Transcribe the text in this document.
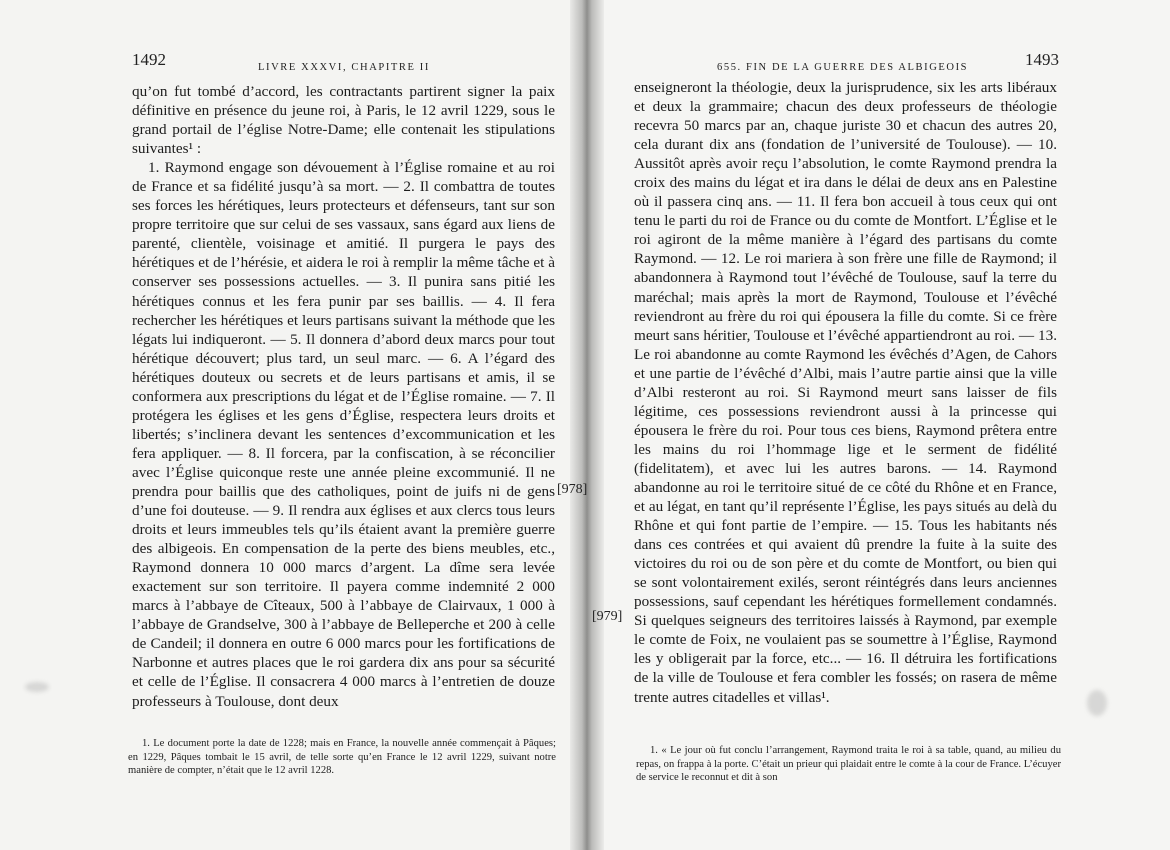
1492	LIVRE XXXVI, CHAPITRE II

qu’on fut tombé d’accord, les contractants partirent signer la paix définitive en présence du jeune roi, à Paris, le 12 avril 1229, sous le grand portail de l’église Notre-Dame; elle contenait les stipulations suivantes¹ :

1. Raymond engage son dévouement à l’Église romaine et au roi de France et sa fidélité jusqu’à sa mort. — 2. Il combattra de toutes ses forces les hérétiques, leurs protecteurs et défenseurs, tant sur son propre territoire que sur celui de ses vassaux, sans égard aux liens de parenté, clientèle, voisinage et amitié. Il purgera le pays des hérétiques et de l’hérésie, et aidera le roi à remplir la même tâche et à conserver ses possessions actuelles. — 3. Il punira sans pitié les hérétiques connus et les fera punir par ses baillis. — 4. Il fera rechercher les hérétiques et leurs partisans suivant la méthode que les légats lui indiqueront. — 5. Il donnera d’abord deux marcs pour tout hérétique découvert; plus tard, un seul marc. — 6. A l’égard des hérétiques douteux ou secrets et de leurs partisans et amis, il se conformera aux prescriptions du légat et de l’Église romaine. — 7. Il protégera les églises et les gens d’Église, respectera leurs droits et libertés; s’inclinera devant les sentences d’excommunication et les fera appliquer. — 8. Il forcera, par la confiscation, à se réconcilier avec l’Église quiconque reste une année pleine excommunié. Il ne prendra pour baillis que des catholiques, point de juifs ni de gens d’une foi douteuse. — 9. Il rendra aux églises et aux clercs tous leurs droits et leurs immeubles tels qu’ils étaient avant la première guerre des albigeois. En compensation de la perte des biens meubles, etc., Raymond donnera 10 000 marcs d’argent. La dîme sera levée exactement sur son territoire. Il payera comme indemnité 2 000 marcs à l’abbaye de Cîteaux, 500 à l’abbaye de Clairvaux, 1 000 à l’abbaye de Grandselve, 300 à l’abbaye de Belleperche et 200 à celle de Candeil; il donnera en outre 6 000 marcs pour les fortifications de Narbonne et autres places que le roi gardera dix ans pour sa sécurité et celle de l’Église. Il consacrera 4 000 marcs à l’entretien de douze professeurs à Toulouse, dont deux

1. Le document porte la date de 1228; mais en France, la nouvelle année commençait à Pâques; en 1229, Pâques tombait le 15 avril, de telle sorte qu’en France le 12 avril 1229, suivant notre manière de compter, n’était que le 12 avril 1228.

655. FIN DE LA GUERRE DES ALBIGEOIS	1493

enseigneront la théologie, deux la jurisprudence, six les arts libéraux et deux la grammaire; chacun des deux professeurs de théologie recevra 50 marcs par an, chaque juriste 30 et chacun des autres 20, cela durant dix ans (fondation de l’université de Toulouse). — 10. Aussitôt après avoir reçu l’absolution, le comte Raymond prendra la croix des mains du légat et ira dans le délai de deux ans en Palestine où il passera cinq ans. — 11. Il fera bon accueil à tous ceux qui ont tenu le parti du roi de France ou du comte de Montfort. L’Église et le roi agiront de la même manière à l’égard des partisans du comte Raymond. — 12. Le roi mariera à son frère une fille de Raymond; il abandonnera à Raymond tout l’évêché de Toulouse, sauf la terre du maréchal; mais après la mort de Raymond, Toulouse et l’évêché reviendront au frère du roi qui épousera la fille du comte. Si ce frère meurt sans héritier, Toulouse et l’évêché appartiendront au roi. — 13. Le roi abandonne au comte Raymond les évêchés d’Agen, de Cahors et une partie de l’évêché d’Albi, mais l’autre partie ainsi que la ville d’Albi resteront au roi. Si Raymond meurt sans laisser de fils légitime, ces possessions reviendront aussi à la princesse qui épousera le frère du roi. Pour tous ces biens, Raymond prêtera entre les mains du roi l’hommage lige et le serment de fidélité (fidelitatem), et avec lui les autres barons. — 14. Raymond abandonne au roi le territoire situé de ce côté du Rhône et en France, et au légat, en tant qu’il représente l’Église, les pays situés au delà du Rhône et qui font partie de l’empire. — 15. Tous les habitants nés dans ces contrées et qui avaient dû prendre la fuite à la suite des victoires du roi ou de son père et du comte de Montfort, ou bien qui se sont volontairement exilés, seront réintégrés dans leurs anciennes possessions, sauf cependant les hérétiques formellement condamnés. Si quelques seigneurs des territoires laissés à Raymond, par exemple le comte de Foix, ne voulaient pas se soumettre à l’Église, Raymond les y obligerait par la force, etc... — 16. Il détruira les fortifications de la ville de Toulouse et fera combler les fossés; on rasera de même trente autres citadelles et villas¹.

1. « Le jour où fut conclu l’arrangement, Raymond traita le roi à sa table, quand, au milieu du repas, on frappa à la porte. C’était un prieur qui plaidait entre le comte à la cour de France. L’écuyer de service le reconnut et dit à son

[978]
[979]
